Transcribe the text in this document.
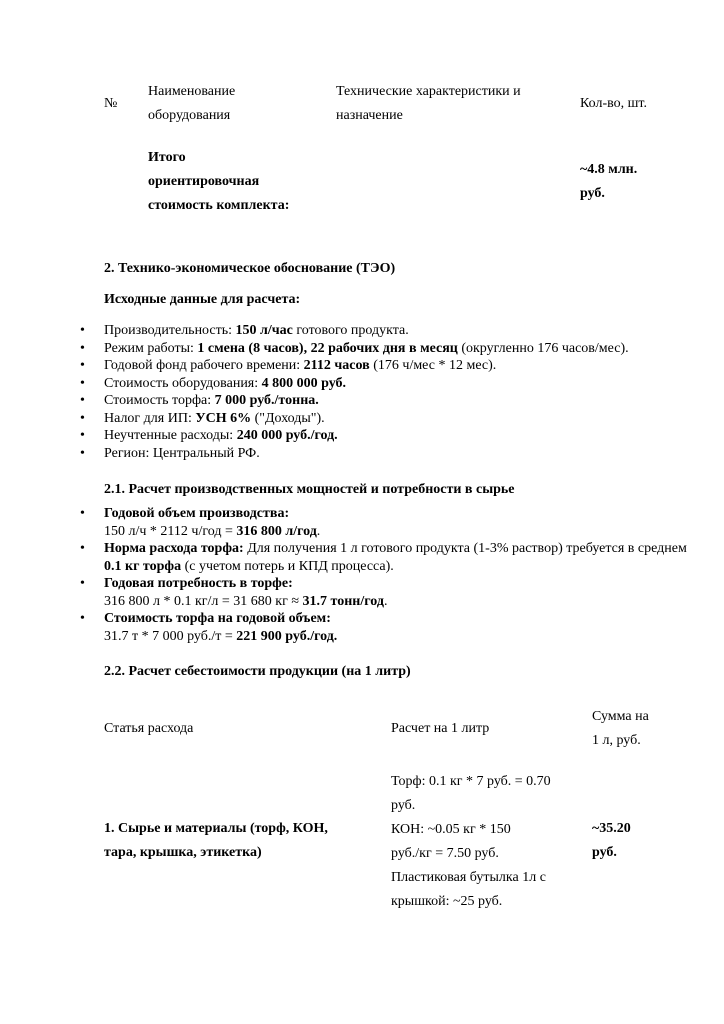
№
Наименование
оборудования
Технические характеристики и
назначение
Кол-во, шт.
Итого
ориентировочная
стоимость комплекта:
~4.8 млн.
руб.
2. Технико-экономическое обоснование (ТЭО)
Исходные данные для расчета:
• Производительность: 150 л/час готового продукта.
• Режим работы: 1 смена (8 часов), 22 рабочих дня в месяц (округленно 176 часов/мес).
• Годовой фонд рабочего времени: 2112 часов (176 ч/мес * 12 мес).
• Стоимость оборудования: 4 800 000 руб.
• Стоимость торфа: 7 000 руб./тонна.
• Налог для ИП: УСН 6% ("Доходы").
• Неучтенные расходы: 240 000 руб./год.
• Регион: Центральный РФ.
2.1. Расчет производственных мощностей и потребности в сырье
• Годовой объем производства:
150 л/ч * 2112 ч/год = 316 800 л/год.
• Норма расхода торфа: Для получения 1 л готового продукта (1-3% раствор) требуется в среднем 0.1 кг торфа (с учетом потерь и КПД процесса).
• Годовая потребность в торфе:
316 800 л * 0.1 кг/л = 31 680 кг ≈ 31.7 тонн/год.
• Стоимость торфа на годовой объем:
31.7 т * 7 000 руб./т = 221 900 руб./год.
2.2. Расчет себестоимости продукции (на 1 литр)
Статья расхода	Расчет на 1 литр
Сумма на
1 л, руб.
1. Сырье и материалы (торф, КОН,
тара, крышка, этикетка)
Торф: 0.1 кг * 7 руб. = 0.70
руб.
КОН: ~0.05 кг * 150
руб./кг = 7.50 руб.
Пластиковая бутылка 1л с
крышкой: ~25 руб.
~35.20
руб.
